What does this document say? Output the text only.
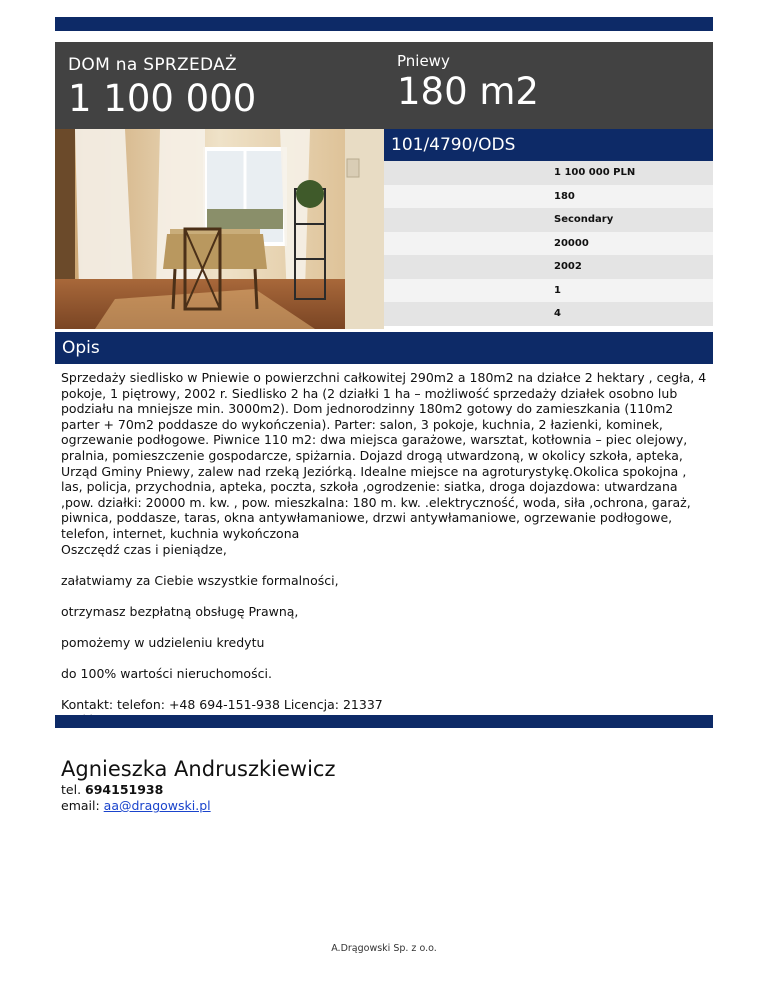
DOM na SPRZEDAŻ
1 100 000
Pniewy
180 m2
101/4790/ODS
1 100 000 PLN
180
Secondary
20000
2002
1
4
Opis

Sprzedaży siedlisko w Pniewie o powierzchni całkowitej 290m2 a 180m2 na działce 2 hektary , cegła, 4 pokoje, 1 piętrowy, 2002 r. Siedlisko 2 ha (2 działki 1 ha – możliwość sprzedaży działek osobno lub podziału na mniejsze min. 3000m2). Dom jednorodzinny 180m2 gotowy do zamieszkania (110m2 parter + 70m2 poddasze do wykończenia). Parter: salon, 3 pokoje, kuchnia, 2 łazienki, kominek, ogrzewanie podłogowe. Piwnice 110 m2: dwa miejsca garażowe, warsztat, kotłownia – piec olejowy, pralnia, pomieszczenie gospodarcze, spiżarnia. Dojazd drogą utwardzoną, w okolicy szkoła, apteka, Urząd Gminy Pniewy, zalew nad rzeką Jeziórką. Idealne miejsce na agroturystykę.Okolica spokojna , las, policja, przychodnia, apteka, poczta, szkoła ,ogrodzenie: siatka, droga dojazdowa: utwardzana ,pow. działki: 20000 m. kw. , pow. mieszkalna: 180 m. kw. .elektryczność, woda, siła ,ochrona, garaż, piwnica, poddasze, taras, okna antywłamaniowe, drzwi antywłamaniowe, ogrzewanie podłogowe, telefon, internet, kuchnia wykończona

Oszczędź czas i pieniądze,

załatwiamy za Ciebie wszystkie formalności,

otrzymasz bezpłatną obsługę Prawną,

pomożemy w udzieleniu kredytu

do 100% wartości nieruchomości.

Kontakt: telefon: +48 694-151-938 Licencja: 21337

Agnieszka Andruszkiewicz
tel. 694151938
email: aa@dragowski.pl
A.Drągowski Sp. z o.o.
